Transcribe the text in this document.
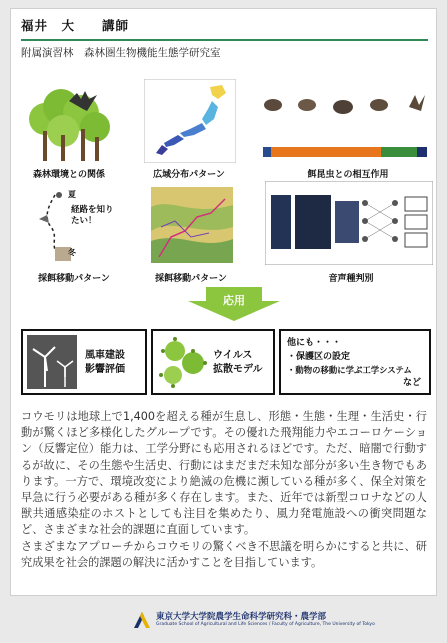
福井　大　　講師
附属演習林　森林圏生物機能生態学研究室
森林環境との関係	広域分布パターン	餌昆虫との相互作用
夏
冬
経路を知りたい！
採餌移動パターン	採餌移動パターン	音声種判別
応用
風車建設
影響評価
ウイルス
拡散モデル
他にも・・・
・保護区の設定
・動物の移動に学ぶ工学システム
など

コウモリは地球上で1,400を超える種が生息し、形態・生態・生理・生活史・行動が驚くほど多様化したグループです。その優れた飛翔能力やエコーロケーション（反響定位）能力は、工学分野にも応用されるほどです。ただ、暗闇で行動するが故に、その生態や生活史、行動にはまだまだ未知な部分が多い生き物でもあります。一方で、環境改変により絶滅の危機に瀕している種が多く、保全対策を早急に行う必要がある種が多く存在します。また、近年では新型コロナなどの人獣共通感染症のホストとしても注目を集めたり、風力発電施設への衝突問題など、さまざまな社会的課題に直面しています。

さまざまなアプローチからコウモリの驚くべき不思議を明らかにすると共に、研究成果を社会的課題の解決に活かすことを目指しています。

東京大学大学院農学生命科学研究科・農学部
Graduate School of Agricultural and Life Sciences / Faculty of Agriculture, The University of Tokyo
